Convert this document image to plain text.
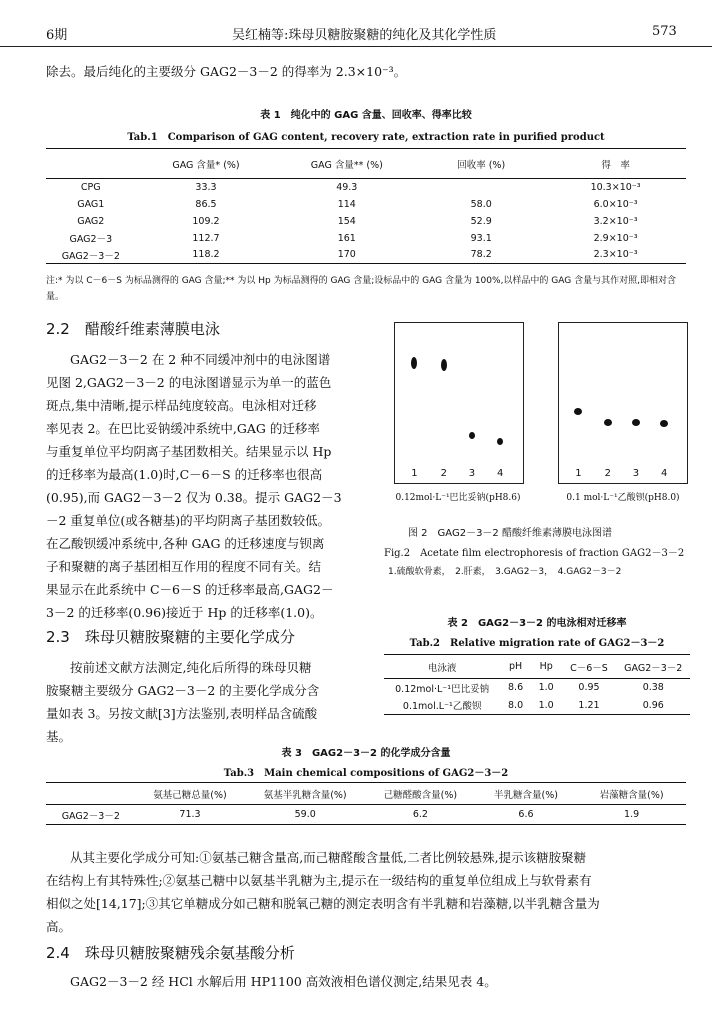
6期	吴红楠等:珠母贝糖胺聚糖的纯化及其化学性质	573
除去。最后纯化的主要级分 GAG2－3－2 的得率为 2.3×10⁻³。
表 1　纯化中的 GAG 含量、回收率、得率比较
Tab.1　Comparison of GAG content, recovery rate, extraction rate in purified product
	GAG 含量* (%)	GAG 含量** (%)	回收率 (%)	得　率
CPG	33.3	49.3		10.3×10⁻³
GAG1	86.5	114	58.0	6.0×10⁻³
GAG2	109.2	154	52.9	3.2×10⁻³
GAG2－3	112.7	161	93.1	2.9×10⁻³
GAG2－3－2	118.2	170	78.2	2.3×10⁻³
注:* 为以 C－6－S 为标品测得的 GAG 含量;** 为以 Hp 为标品测得的 GAG 含量;设标品中的 GAG 含量为 100%,以样品中的 GAG 含量与其作对照,即相对含量。
2.2　醋酸纤维素薄膜电泳
GAG2－3－2 在 2 种不同缓冲剂中的电泳图谱
见图 2,GAG2－3－2 的电泳图谱显示为单一的蓝色
斑点,集中清晰,提示样品纯度较高。电泳相对迁移
率见表 2。在巴比妥钠缓冲系统中,GAG 的迁移率
与重复单位平均阴离子基团数相关。结果显示以 Hp
的迁移率为最高(1.0)时,C－6－S 的迁移率也很高
(0.95),而 GAG2－3－2 仅为 0.38。提示 GAG2－3
－2 重复单位(或各糖基)的平均阴离子基团数较低。
在乙酸钡缓冲系统中,各种 GAG 的迁移速度与钡离
子和聚糖的离子基团相互作用的程度不同有关。结
果显示在此系统中 C－6－S 的迁移率最高,GAG2－
3－2 的迁移率(0.96)接近于 Hp 的迁移率(1.0)。
1 2 3 4	1 2 3 4
0.12mol·L⁻¹巴比妥钠(pH8.6)	0.1 mol·L⁻¹乙酸钡(pH8.0)
图 2　GAG2－3－2 醋酸纤维素薄膜电泳图谱
Fig.2　Acetate film electrophoresis of fraction GAG2－3－2
1.硫酸软骨素，　2.肝素，　3.GAG2－3，　4.GAG2－3－2
表 2　GAG2－3－2 的电泳相对迁移率
Tab.2　Relative migration rate of GAG2－3－2
电泳液	pH	Hp	C－6－S	GAG2－3－2
0.12mol·L⁻¹巴比妥钠	8.6	1.0	0.95	0.38
0.1mol.L⁻¹乙酸钡	8.0	1.0	1.21	0.96
2.3　珠母贝糖胺聚糖的主要化学成分
按前述文献方法测定,纯化后所得的珠母贝糖
胺聚糖主要级分 GAG2－3－2 的主要化学成分含
量如表 3。另按文献[3]方法鉴别,表明样品含硫酸
基。
表 3　GAG2－3－2 的化学成分含量
Tab.3　Main chemical compositions of GAG2－3－2
	氨基己糖总量(%)	氨基半乳糖含量(%)	己糖醛酸含量(%)	半乳糖含量(%)	岩藻糖含量(%)
GAG2－3－2	71.3	59.0	6.2	6.6	1.9
从其主要化学成分可知:①氨基己糖含量高,而己糖醛酸含量低,二者比例较悬殊,提示该糖胺聚糖
在结构上有其特殊性;②氨基己糖中以氨基半乳糖为主,提示在一级结构的重复单位组成上与软骨素有
相似之处[14,17];③其它单糖成分如己糖和脱氧己糖的测定表明含有半乳糖和岩藻糖,以半乳糖含量为
高。
2.4　珠母贝糖胺聚糖残余氨基酸分析
GAG2－3－2 经 HCl 水解后用 HP1100 高效液相色谱仪测定,结果见表 4。
